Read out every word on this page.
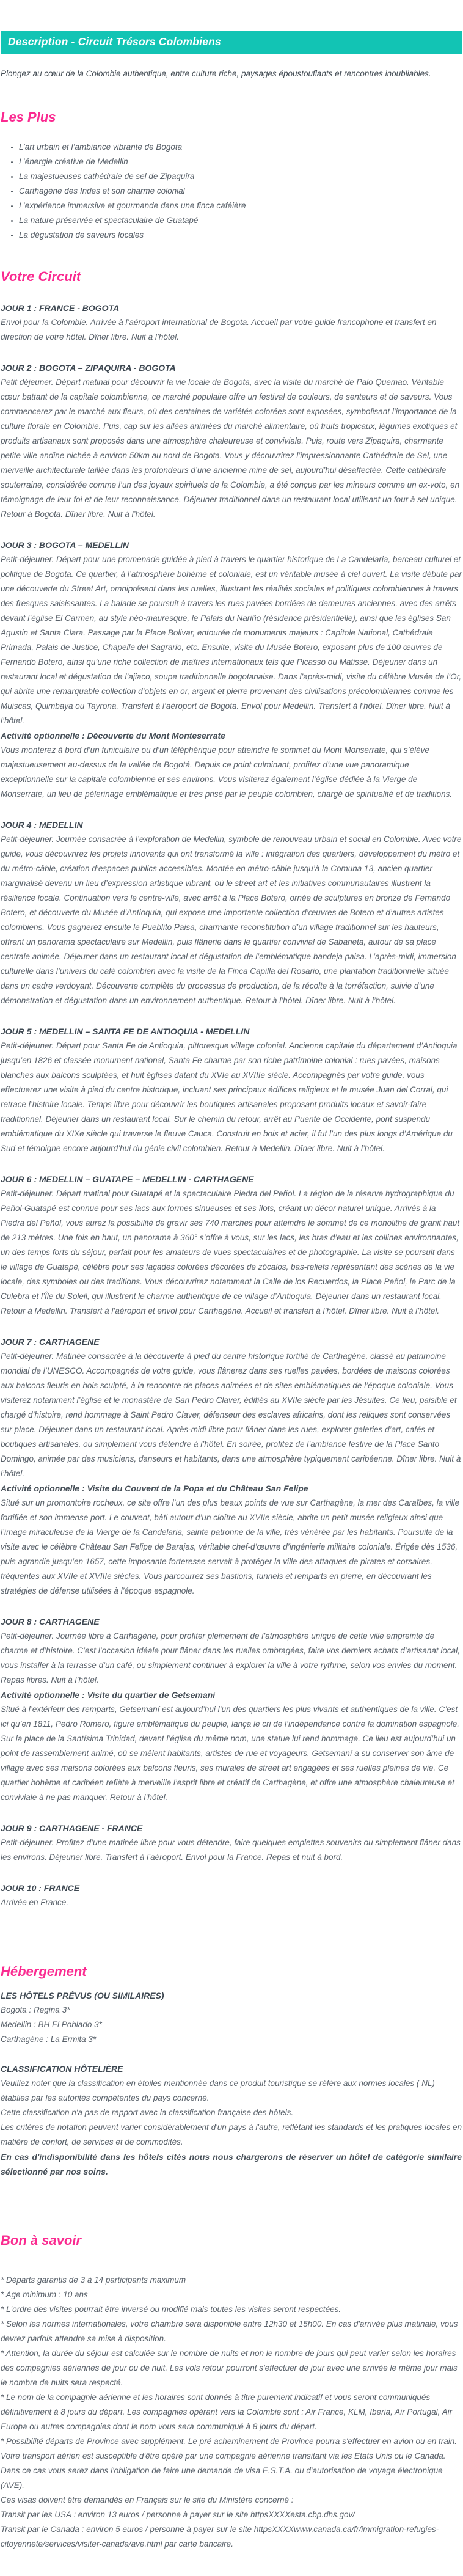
Description - Circuit Trésors Colombiens

Plongez au cœur de la Colombie authentique, entre culture riche, paysages époustouflants et rencontres inoubliables.

Les Plus
• L’art urbain et l’ambiance vibrante de Bogota
• L’énergie créative de Medellin
• La majestueuses cathédrale de sel de Zipaquira
• Carthagène des Indes et son charme colonial
• L’expérience immersive et gourmande dans une finca caféière
• La nature préservée et spectaculaire de Guatapé
• La dégustation de saveurs locales
Votre Circuit
JOUR 1 : FRANCE - BOGOTA

Envol pour la Colombie. Arrivée à l’aéroport international de Bogota. Accueil par votre guide francophone et transfert en direction de votre hôtel. Dîner libre. Nuit à l’hôtel.

JOUR 2 : BOGOTA – ZIPAQUIRA - BOGOTA

Petit déjeuner. Départ matinal pour découvrir la vie locale de Bogota, avec la visite du marché de Palo Quemao. Véritable cœur battant de la capitale colombienne, ce marché populaire offre un festival de couleurs, de senteurs et de saveurs. Vous commencerez par le marché aux fleurs, où des centaines de variétés colorées sont exposées, symbolisant l’importance de la culture florale en Colombie. Puis, cap sur les allées animées du marché alimentaire, où fruits tropicaux, légumes exotiques et produits artisanaux sont proposés dans une atmosphère chaleureuse et conviviale. Puis, route vers Zipaquira, charmante petite ville andine nichée à environ 50km au nord de Bogota. Vous y découvrirez l’impressionnante Cathédrale de Sel, une merveille architecturale taillée dans les profondeurs d’une ancienne mine de sel, aujourd’hui désaffectée. Cette cathédrale souterraine, considérée comme l’un des joyaux spirituels de la Colombie, a été conçue par les mineurs comme un ex-voto, en témoignage de leur foi et de leur reconnaissance. Déjeuner traditionnel dans un restaurant local utilisant un four à sel unique. Retour à Bogota. Dîner libre. Nuit à l’hôtel.

JOUR 3 : BOGOTA – MEDELLIN

Petit-déjeuner. Départ pour une promenade guidée à pied à travers le quartier historique de La Candelaria, berceau culturel et politique de Bogota. Ce quartier, à l’atmosphère bohème et coloniale, est un véritable musée à ciel ouvert. La visite débute par une découverte du Street Art, omniprésent dans les ruelles, illustrant les réalités sociales et politiques colombiennes à travers des fresques saisissantes. La balade se poursuit à travers les rues pavées bordées de demeures anciennes, avec des arrêts devant l’église El Carmen, au style néo-mauresque, le Palais du Nariño (résidence présidentielle), ainsi que les églises San Agustin et Santa Clara. Passage par la Place Bolivar, entourée de monuments majeurs : Capitole National, Cathédrale Primada, Palais de Justice, Chapelle del Sagrario, etc. Ensuite, visite du Musée Botero, exposant plus de 100 œuvres de Fernando Botero, ainsi qu’une riche collection de maîtres internationaux tels que Picasso ou Matisse. Déjeuner dans un restaurant local et dégustation de l’ajiaco, soupe traditionnelle bogotanaise. Dans l’après-midi, visite du célèbre Musée de l’Or, qui abrite une remarquable collection d’objets en or, argent et pierre provenant des civilisations précolombiennes comme les Muiscas, Quimbaya ou Tayrona. Transfert à l’aéroport de Bogota. Envol pour Medellin. Transfert à l’hôtel. Dîner libre. Nuit à l’hôtel.

Activité optionnelle : Découverte du Mont Monteserrate

Vous monterez à bord d’un funiculaire ou d’un téléphérique pour atteindre le sommet du Mont Monserrate, qui s’élève majestueusement au-dessus de la vallée de Bogotá. Depuis ce point culminant, profitez d’une vue panoramique exceptionnelle sur la capitale colombienne et ses environs. Vous visiterez également l’église dédiée à la Vierge de Monserrate, un lieu de pèlerinage emblématique et très prisé par le peuple colombien, chargé de spiritualité et de traditions.

JOUR 4 : MEDELLIN

Petit-déjeuner. Journée consacrée à l’exploration de Medellin, symbole de renouveau urbain et social en Colombie. Avec votre guide, vous découvrirez les projets innovants qui ont transformé la ville : intégration des quartiers, développement du métro et du métro-câble, création d’espaces publics accessibles. Montée en métro-câble jusqu’à la Comuna 13, ancien quartier marginalisé devenu un lieu d’expression artistique vibrant, où le street art et les initiatives communautaires illustrent la résilience locale. Continuation vers le centre-ville, avec arrêt à la Place Botero, ornée de sculptures en bronze de Fernando Botero, et découverte du Musée d’Antioquia, qui expose une importante collection d’œuvres de Botero et d’autres artistes colombiens. Vous gagnerez ensuite le Pueblito Paisa, charmante reconstitution d’un village traditionnel sur les hauteurs, offrant un panorama spectaculaire sur Medellin, puis flânerie dans le quartier convivial de Sabaneta, autour de sa place centrale animée. Déjeuner dans un restaurant local et dégustation de l’emblématique bandeja paisa. L’après-midi, immersion culturelle dans l’univers du café colombien avec la visite de la Finca Capilla del Rosario, une plantation traditionnelle située dans un cadre verdoyant. Découverte complète du processus de production, de la récolte à la torréfaction, suivie d’une démonstration et dégustation dans un environnement authentique. Retour à l’hôtel. Dîner libre. Nuit à l’hôtel.

JOUR 5 : MEDELLIN – SANTA FE DE ANTIOQUIA - MEDELLIN

Petit-déjeuner. Départ pour Santa Fe de Antioquia, pittoresque village colonial. Ancienne capitale du département d’Antioquia jusqu’en 1826 et classée monument national, Santa Fe charme par son riche patrimoine colonial : rues pavées, maisons blanches aux balcons sculptées, et huit églises datant du XVIe au XVIIIe siècle. Accompagnés par votre guide, vous effectuerez une visite à pied du centre historique, incluant ses principaux édifices religieux et le musée Juan del Corral, qui retrace l’histoire locale. Temps libre pour découvrir les boutiques artisanales proposant produits locaux et savoir-faire traditionnel. Déjeuner dans un restaurant local. Sur le chemin du retour, arrêt au Puente de Occidente, pont suspendu emblématique du XIXe siècle qui traverse le fleuve Cauca. Construit en bois et acier, il fut l’un des plus longs d’Amérique du Sud et témoigne encore aujourd’hui du génie civil colombien. Retour à Medellin. Dîner libre. Nuit à l’hôtel.

JOUR 6 : MEDELLIN – GUATAPE – MEDELLIN - CARTHAGENE

Petit-déjeuner. Départ matinal pour Guatapé et la spectaculaire Piedra del Peñol. La région de la réserve hydrographique du Peñol-Guatapé est connue pour ses lacs aux formes sinueuses et ses îlots, créant un décor naturel unique. Arrivés à la Piedra del Peñol, vous aurez la possibilité de gravir ses 740 marches pour atteindre le sommet de ce monolithe de granit haut de 213 mètres. Une fois en haut, un panorama à 360° s’offre à vous, sur les lacs, les bras d’eau et les collines environnantes, un des temps forts du séjour, parfait pour les amateurs de vues spectaculaires et de photographie. La visite se poursuit dans le village de Guatapé, célèbre pour ses façades colorées décorées de zócalos, bas-reliefs représentant des scènes de la vie locale, des symboles ou des traditions. Vous découvrirez notamment la Calle de los Recuerdos, la Place Peñol, le Parc de la Culebra et l’Île du Soleil, qui illustrent le charme authentique de ce village d’Antioquia. Déjeuner dans un restaurant local. Retour à Medellin. Transfert à l’aéroport et envol pour Carthagène. Accueil et transfert à l’hôtel. Dîner libre. Nuit à l’hôtel.

JOUR 7 : CARTHAGENE

Petit-déjeuner. Matinée consacrée à la découverte à pied du centre historique fortifié de Carthagène, classé au patrimoine mondial de l’UNESCO. Accompagnés de votre guide, vous flânerez dans ses ruelles pavées, bordées de maisons colorées aux balcons fleuris en bois sculpté, à la rencontre de places animées et de sites emblématiques de l’époque coloniale. Vous visiterez notamment l’église et le monastère de San Pedro Claver, édifiés au XVIIe siècle par les Jésuites. Ce lieu, paisible et chargé d’histoire, rend hommage à Saint Pedro Claver, défenseur des esclaves africains, dont les reliques sont conservées sur place. Déjeuner dans un restaurant local. Après-midi libre pour flâner dans les rues, explorer galeries d’art, cafés et boutiques artisanales, ou simplement vous détendre à l’hôtel. En soirée, profitez de l’ambiance festive de la Place Santo Domingo, animée par des musiciens, danseurs et habitants, dans une atmosphère typiquement caribéenne. Dîner libre. Nuit à l’hôtel.

Activité optionnelle : Visite du Couvent de la Popa et du Château San Felipe

Situé sur un promontoire rocheux, ce site offre l’un des plus beaux points de vue sur Carthagène, la mer des Caraïbes, la ville fortifiée et son immense port. Le couvent, bâti autour d’un cloître au XVIIe siècle, abrite un petit musée religieux ainsi que l’image miraculeuse de la Vierge de la Candelaria, sainte patronne de la ville, très vénérée par les habitants. Poursuite de la visite avec le célèbre Château San Felipe de Barajas, véritable chef-d’œuvre d’ingénierie militaire coloniale. Érigée dès 1536, puis agrandie jusqu’en 1657, cette imposante forteresse servait à protéger la ville des attaques de pirates et corsaires, fréquentes aux XVIIe et XVIIIe siècles. Vous parcourrez ses bastions, tunnels et remparts en pierre, en découvrant les stratégies de défense utilisées à l’époque espagnole.

JOUR 8 : CARTHAGENE

Petit-déjeuner. Journée libre à Carthagène, pour profiter pleinement de l’atmosphère unique de cette ville empreinte de charme et d’histoire. C’est l’occasion idéale pour flâner dans les ruelles ombragées, faire vos derniers achats d’artisanat local, vous installer à la terrasse d’un café, ou simplement continuer à explorer la ville à votre rythme, selon vos envies du moment. Repas libres. Nuit à l’hôtel.

Activité optionnelle : Visite du quartier de Getsemani

Situé à l’extérieur des remparts, Getsemaní est aujourd’hui l’un des quartiers les plus vivants et authentiques de la ville. C’est ici qu’en 1811, Pedro Romero, figure emblématique du peuple, lança le cri de l’indépendance contre la domination espagnole.

Sur la place de la Santísima Trinidad, devant l’église du même nom, une statue lui rend hommage. Ce lieu est aujourd’hui un point de rassemblement animé, où se mêlent habitants, artistes de rue et voyageurs. Getsemaní a su conserver son âme de village avec ses maisons colorées aux balcons fleuris, ses murales de street art engagées et ses ruelles pleines de vie. Ce quartier bohème et caribéen reflète à merveille l’esprit libre et créatif de Carthagène, et offre une atmosphère chaleureuse et conviviale à ne pas manquer. Retour à l’hôtel.

JOUR 9 : CARTHAGENE - FRANCE

Petit-déjeuner. Profitez d’une matinée libre pour vous détendre, faire quelques emplettes souvenirs ou simplement flâner dans les environs. Déjeuner libre. Transfert à l’aéroport. Envol pour la France. Repas et nuit à bord.

JOUR 10 : FRANCE

Arrivée en France.

Hébergement

LES HÔTELS PRÉVUS (OU SIMILAIRES)

Bogota : Regina 3*

Medellin : BH El Poblado 3*

Carthagène : La Ermita 3*

CLASSIFICATION HÔTELIÈRE

Veuillez noter que la classification en étoiles mentionnée dans ce produit touristique se réfère aux normes locales ( NL) établies par les autorités compétentes du pays concerné.

Cette classification n'a pas de rapport avec la classification française des hôtels.

Les critères de notation peuvent varier considérablement d'un pays à l'autre, reflétant les standards et les pratiques locales en matière de confort, de services et de commodités.

En cas d'indisponibilité dans les hôtels cités nous nous chargerons de réserver un hôtel de catégorie similaire sélectionné par nos soins.

Bon à savoir

* Départs garantis de 3 à 14 participants maximum

* Age minimum : 10 ans

* L'ordre des visites pourrait être inversé ou modifié mais toutes les visites seront respectées.

* Selon les normes internationales, votre chambre sera disponible entre 12h30 et 15h00. En cas d'arrivée plus matinale, vous devrez parfois attendre sa mise à disposition.

* Attention, la durée du séjour est calculée sur le nombre de nuits et non le nombre de jours qui peut varier selon les horaires des compagnies aériennes de jour ou de nuit. Les vols retour pourront s'effectuer de jour avec une arrivée le même jour mais le nombre de nuits sera respecté.

* Le nom de la compagnie aérienne et les horaires sont donnés à titre purement indicatif et vous seront communiqués définitivement à 8 jours du départ. Les compagnies opérant vers la Colombie sont : Air France, KLM, Iberia, Air Portugal, Air Europa ou autres compagnies dont le nom vous sera communiqué à 8 jours du départ.

* Possibilité départs de Province avec supplément. Le pré acheminement de Province pourra s'effectuer en avion ou en train.

Votre transport aérien est susceptible d'être opéré par une compagnie aérienne transitant via les Etats Unis ou le Canada. Dans ce cas vous serez dans l'obligation de faire une demande de visa E.S.T.A. ou d'autorisation de voyage électronique (AVE).

Ces visas doivent être demandés en Français sur le site du Ministère concerné :

Transit par les USA : environ 13 euros / personne à payer sur le site httpsXXXXesta.cbp.dhs.gov/

Transit par le Canada : environ 5 euros / personne à payer sur le site httpsXXXXwww.canada.ca/fr/immigration-refugies-citoyennete/services/visiter-canada/ave.html par carte bancaire.
